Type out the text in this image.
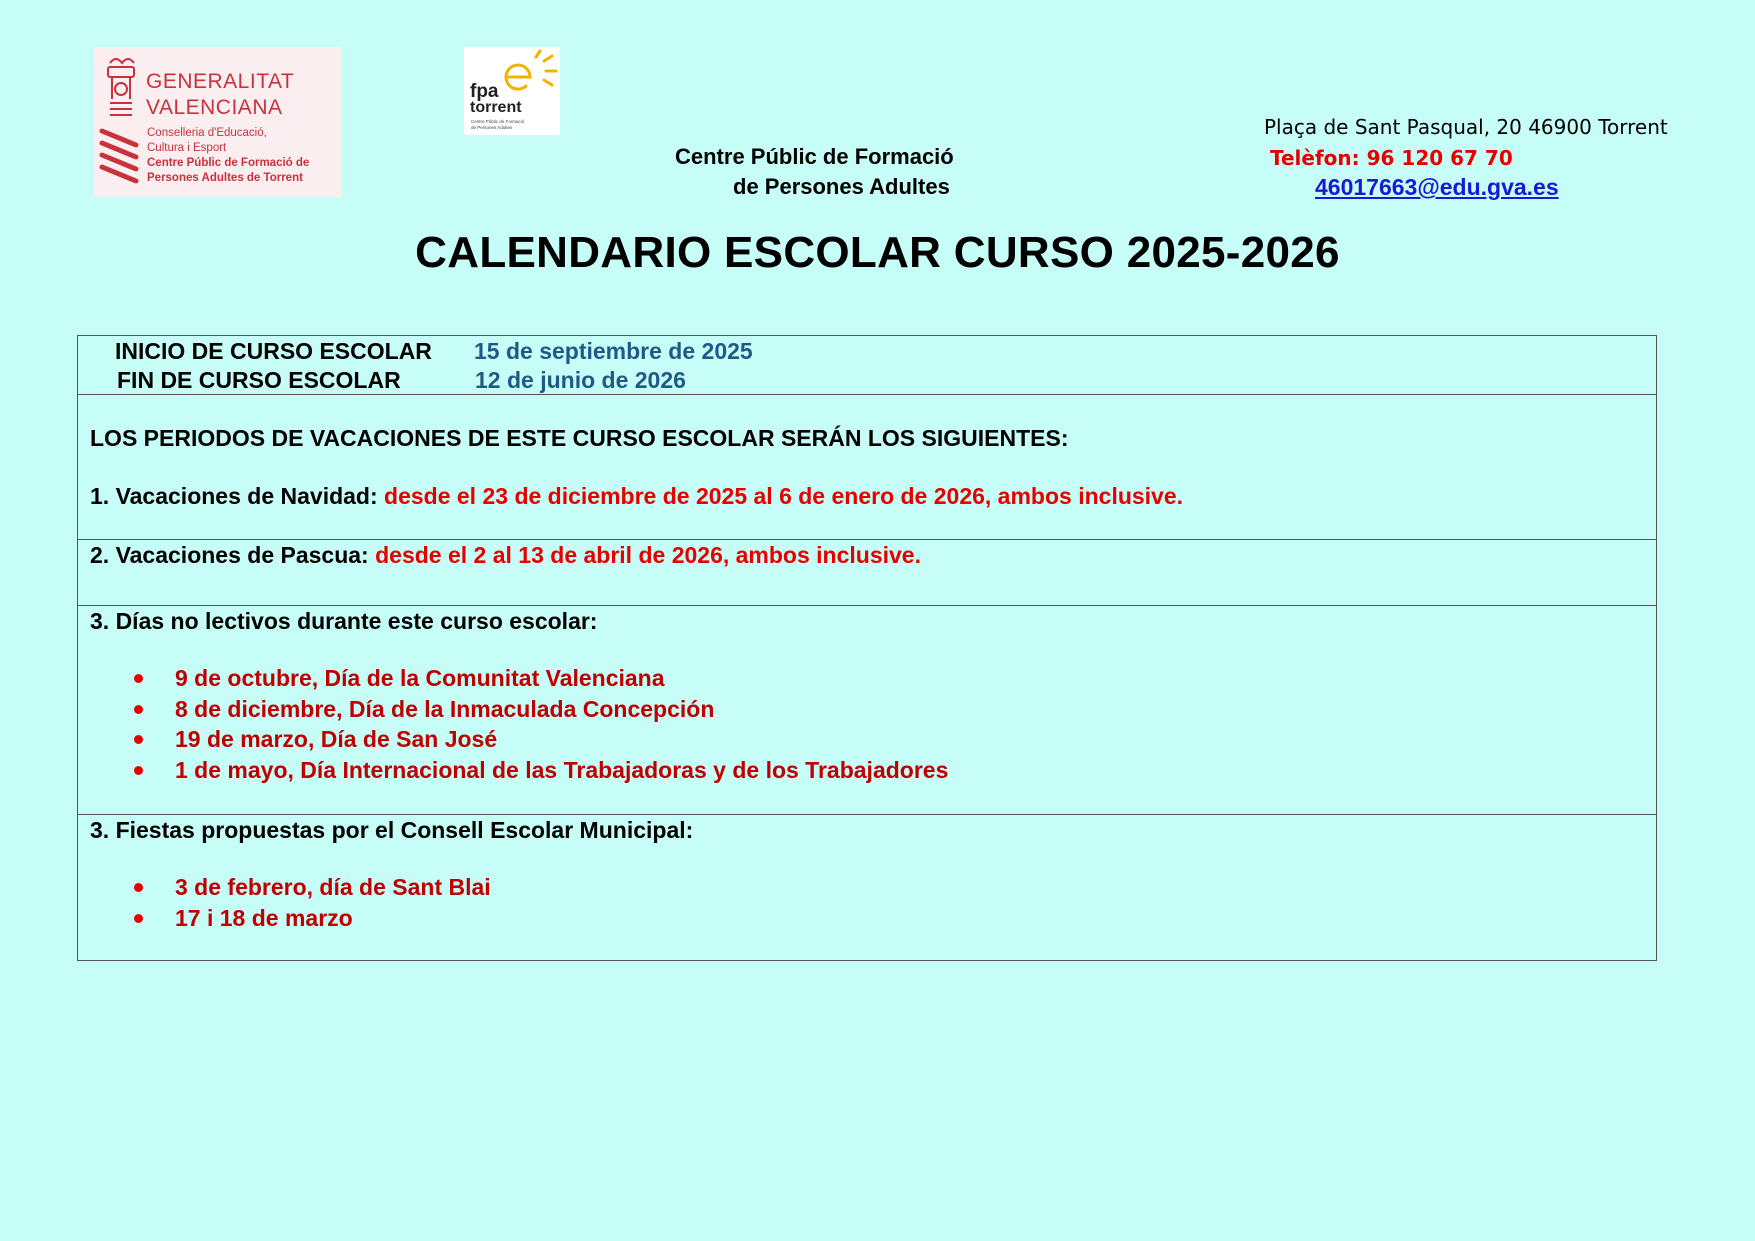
GENERALITAT
VALENCIANA
Conselleria d'Educació,
Cultura i Esport
Centre Públic de Formació de
Persones Adultes de Torrent
fpa
torrent
Centre Públic de Formació
de Persones Adultes
Centre Públic de Formació
de Persones Adultes
Plaça de Sant Pasqual, 20 46900 Torrent
Telèfon: 96 120 67 70
46017663@edu.gva.es
CALENDARIO ESCOLAR CURSO 2025-2026
INICIO DE CURSO ESCOLAR 15 de septiembre de 2025
FIN DE CURSO ESCOLAR	12 de junio de 2026
LOS PERIODOS DE VACACIONES DE ESTE CURSO ESCOLAR SERÁN LOS SIGUIENTES:
1. Vacaciones de Navidad: desde el 23 de diciembre de 2025 al 6 de enero de 2026, ambos inclusive.
2. Vacaciones de Pascua: desde el 2 al 13 de abril de 2026, ambos inclusive.
3. Días no lectivos durante este curso escolar:
9 de octubre, Día de la Comunitat Valenciana
8 de diciembre, Día de la Inmaculada Concepción
19 de marzo, Día de San José
1 de mayo, Día Internacional de las Trabajadoras y de los Trabajadores
3. Fiestas propuestas por el Consell Escolar Municipal:
3 de febrero, día de Sant Blai
17 i 18 de marzo
